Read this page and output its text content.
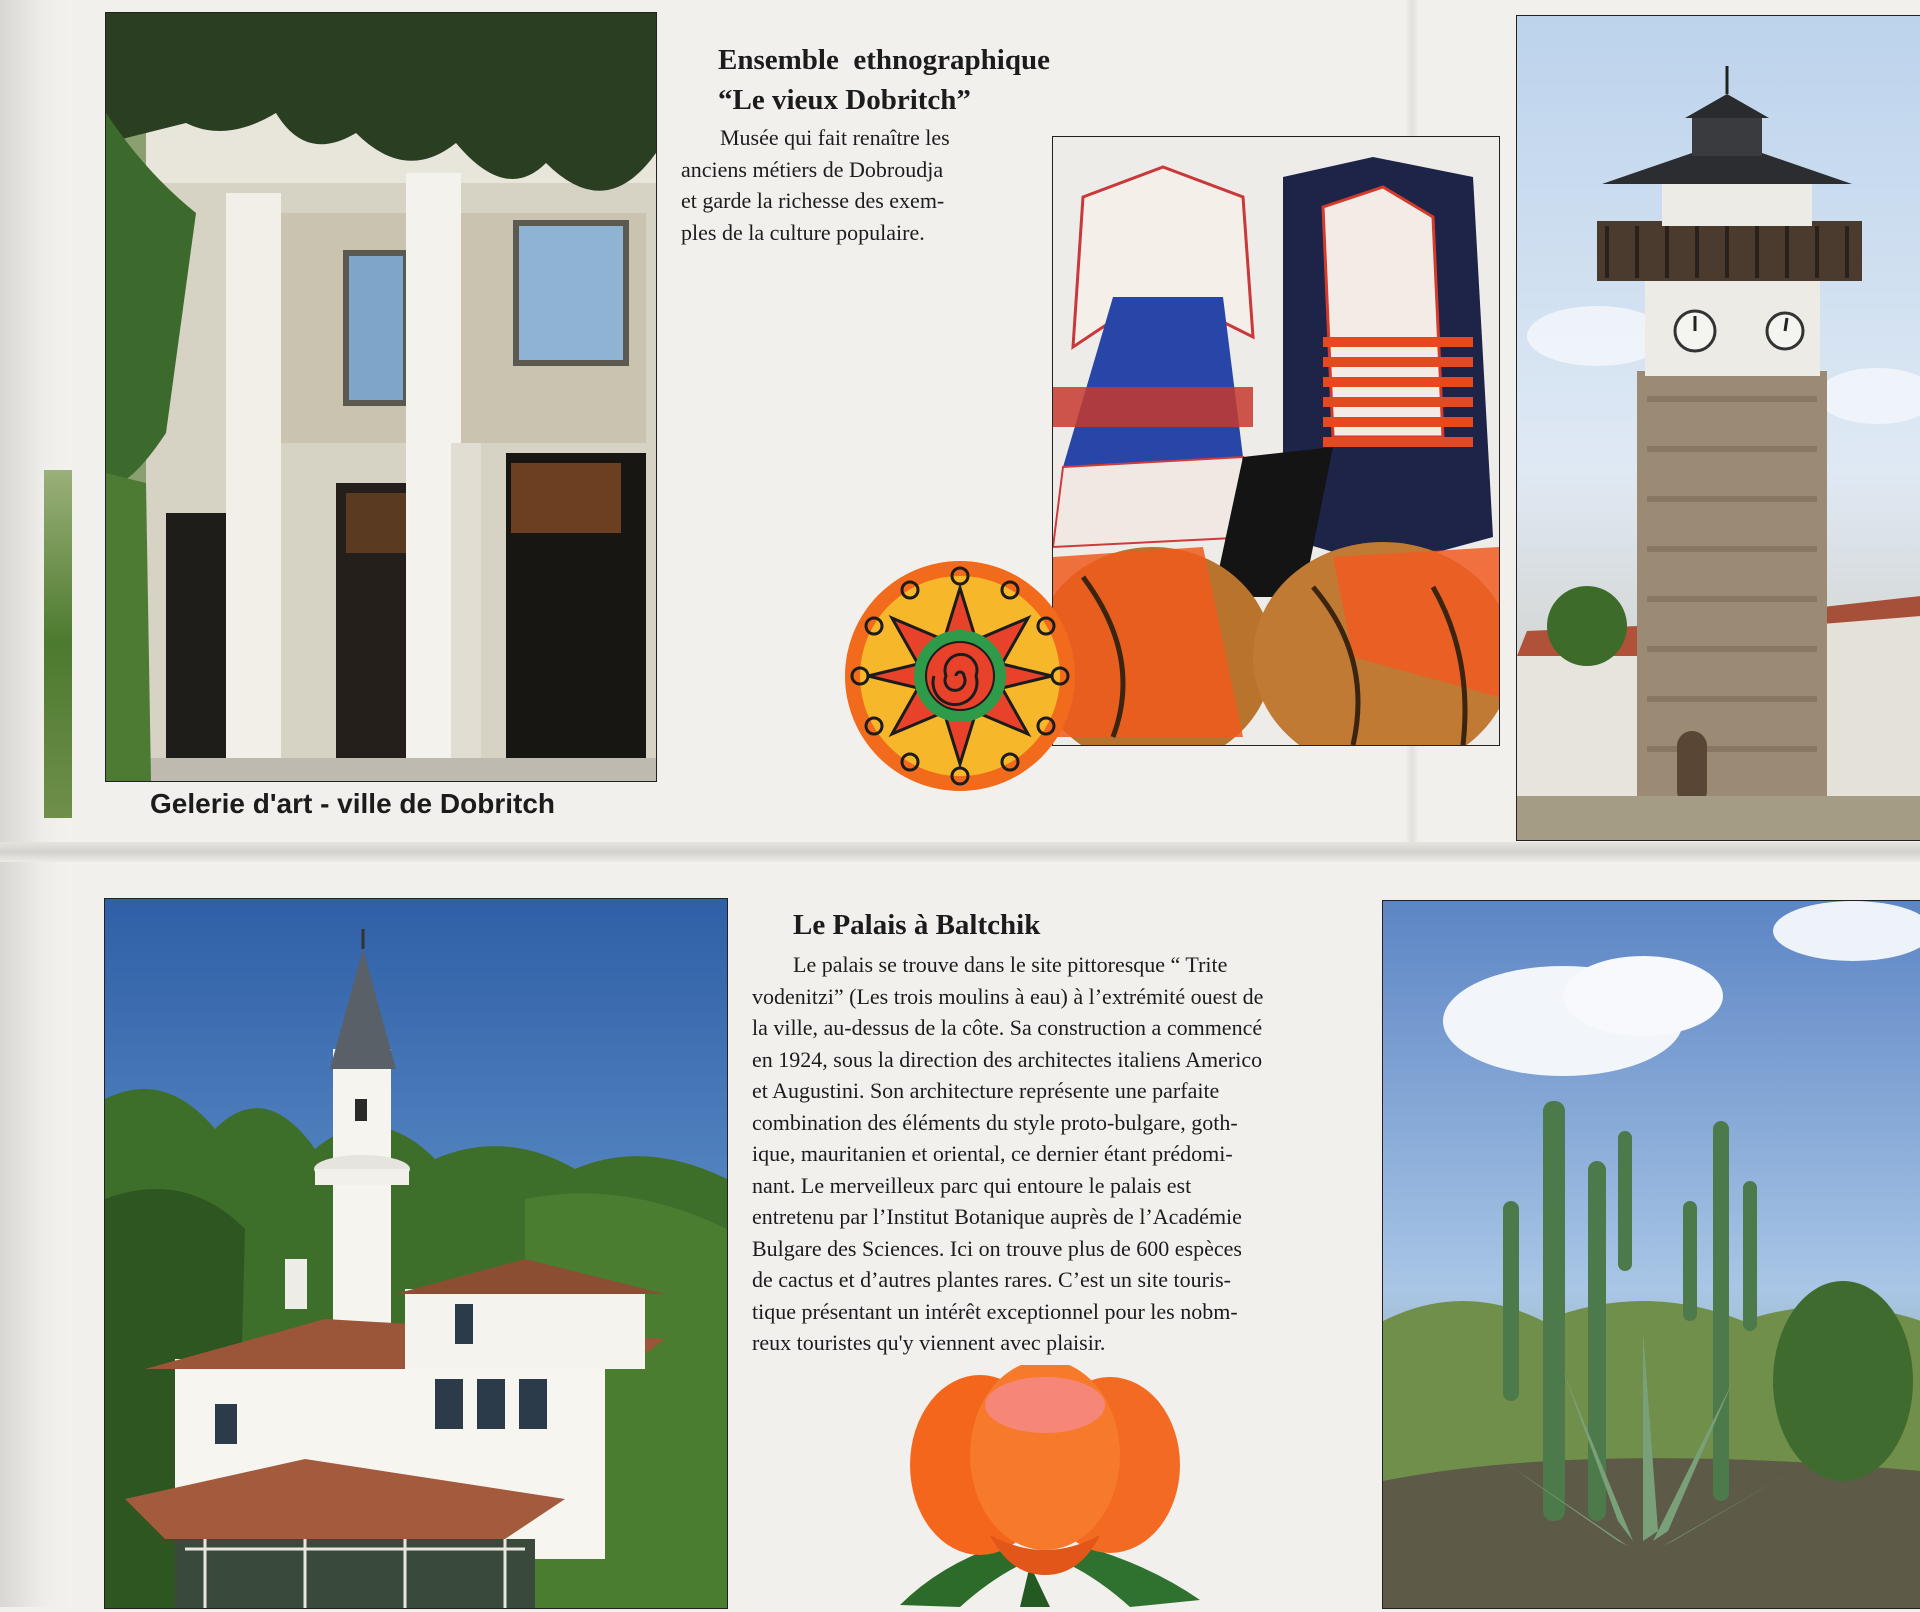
Gelerie d'art - ville de Dobritch

Ensemble  ethnographique

“Le vieux Dobritch”

Musée qui fait renaître les

anciens métiers de Dobroudja

et garde la richesse des exem-

ples de la culture populaire.

Le Palais à Baltchik

Le palais se trouve dans le site pittoresque “ Trite

vodenitzi” (Les trois moulins à eau) à l’extrémité ouest de

la ville, au-dessus de la côte. Sa construction a commencé

en 1924, sous la direction des architectes italiens Americo

et Augustini. Son architecture représente une parfaite

combination des éléments du style proto-bulgare, goth-

ique, mauritanien et oriental, ce dernier étant prédomi-

nant. Le merveilleux parc qui entoure le palais est

entretenu par l’Institut Botanique auprès de l’Académie

Bulgare des Sciences. Ici on trouve plus de 600 espèces

de cactus et d’autres plantes rares. C’est un site touris-

tique présentant un intérêt exceptionnel pour les nobm-

reux touristes qu'y viennent avec plaisir.
